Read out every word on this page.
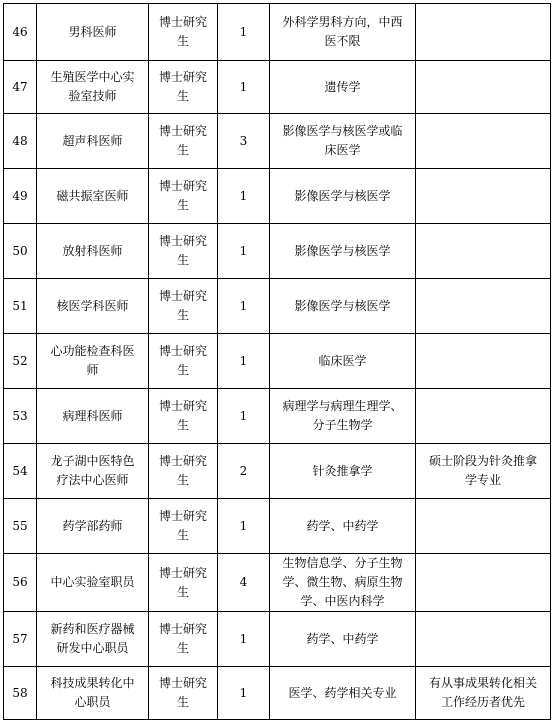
46	男科医师	博士研究
生	1	外科学男科方向，中西
医不限	
47	生殖医学中心实
验室技师	博士研究
生	1	遗传学	
48	超声科医师	博士研究
生	3	影像医学与核医学或临
床医学	
49	磁共振室医师	博士研究
生	1	影像医学与核医学	
50	放射科医师	博士研究
生	1	影像医学与核医学	
51	核医学科医师	博士研究
生	1	影像医学与核医学	
52	心功能检查科医
师	博士研究
生	1	临床医学	
53	病理科医师	博士研究
生	1	病理学与病理生理学、
分子生物学	
54	龙子湖中医特色
疗法中心医师	博士研究
生	2	针灸推拿学	硕士阶段为针灸推拿
学专业
55	药学部药师	博士研究
生	1	药学、中药学	
56	中心实验室职员	博士研究
生	4	生物信息学、分子生物
学、微生物、病原生物
学、中医内科学	
57	新药和医疗器械
研发中心职员	博士研究
生	1	药学、中药学	
58	科技成果转化中
心职员	博士研究
生	1	医学、药学相关专业	有从事成果转化相关
工作经历者优先
